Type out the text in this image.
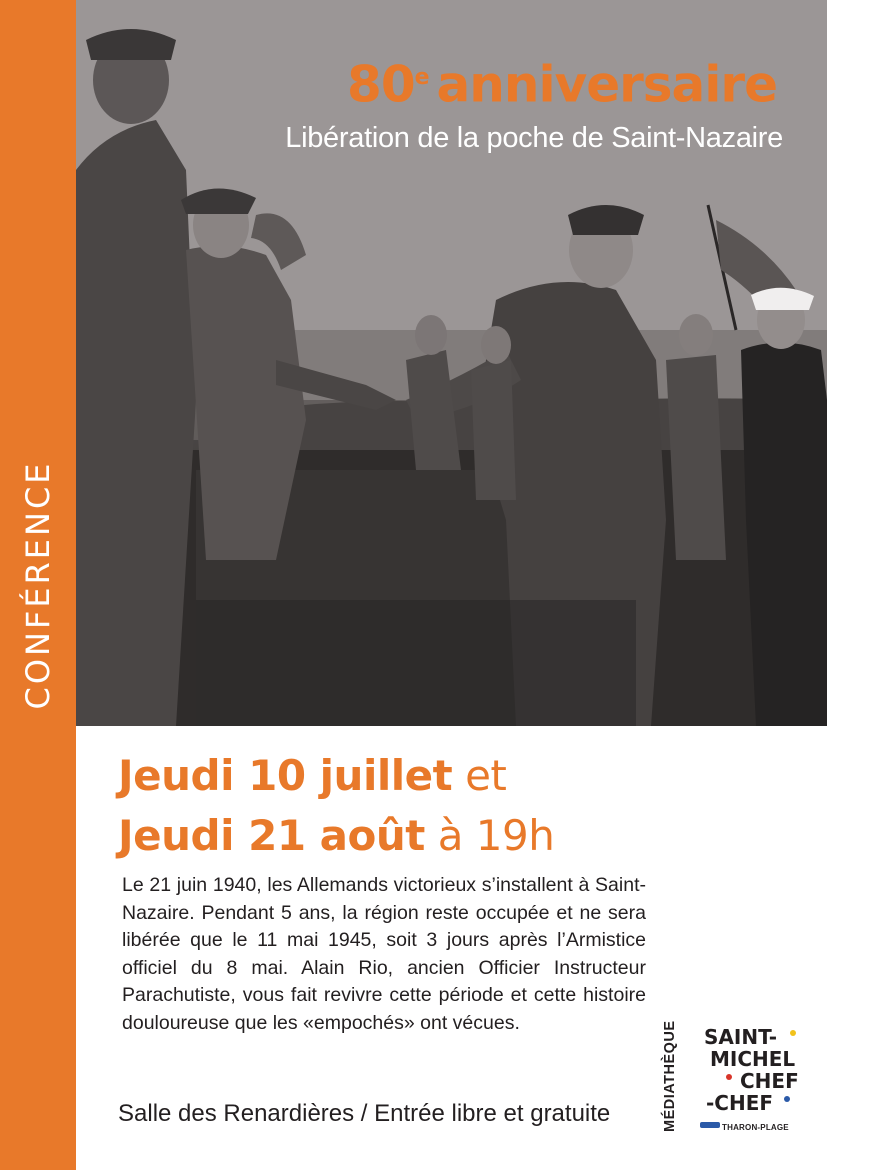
CONFÉRENCE	© Luc Bauer
80e anniversaire
Libération de la poche de Saint-Nazaire
Jeudi 10 juillet et
Jeudi 21 août à 19h
Le 21 juin 1940, les Allemands victorieux s’installent à Saint-Nazaire. Pendant 5 ans, la région reste occupée et ne sera libérée que le 11 mai 1945, soit 3 jours après l’Armistice officiel du 8 mai. Alain Rio, ancien Officier Instructeur Parachutiste, vous fait revivre cette période et cette histoire douloureuse que les «empochés» ont vécues.
Salle des Renardières / Entrée libre et gratuite	MÉDIATHÈQUE SAINT-
MICHEL
CHEF
-CHEF
THARON-PLAGE
